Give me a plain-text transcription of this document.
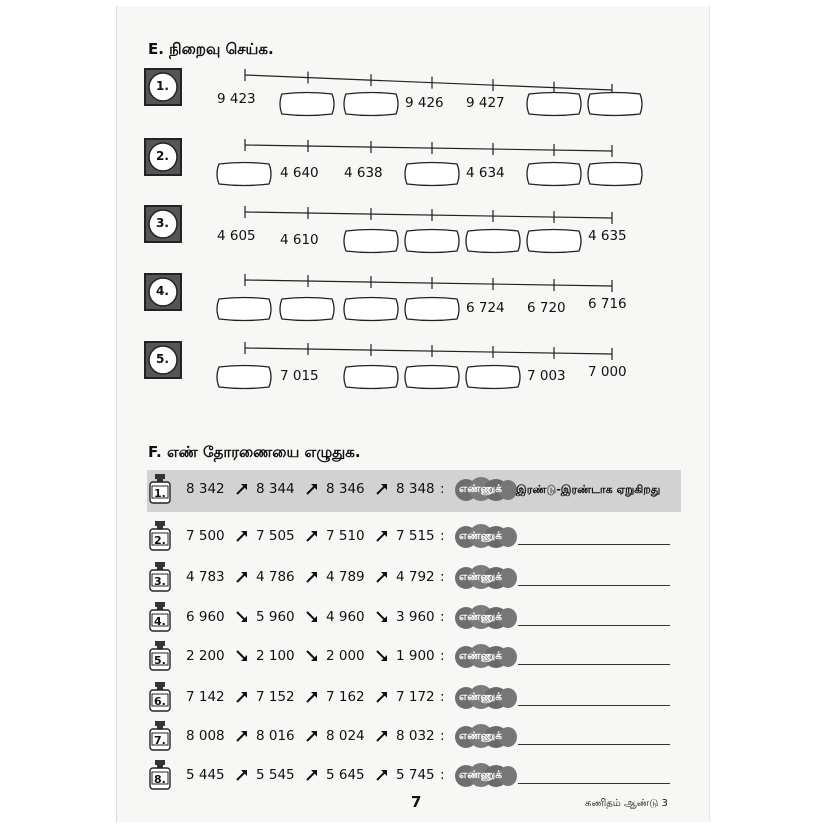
E. நிறைவு செய்க.
1.
9 423	9 426 9 427
2.
4 640 4 638	4 634
3.
4 605 4 610	4 635
4.
6 724 6 720 6 716
5.
7 015	7 003 7 000
F. எண் தோரணையை எழுதுக.
1. 8 342 8 344 8 346 8 348 : எண்ணுக் இரண்டு-இரண்டாக ஏறுகிறது
2. 7 500 7 505 7 510 7 515 : எண்ணுக்
3. 4 783 4 786 4 789 4 792 : எண்ணுக்
4. 6 960 5 960 4 960 3 960 : எண்ணுக்
5. 2 200 2 100 2 000 1 900 : எண்ணுக்
6. 7 142 7 152 7 162 7 172 : எண்ணுக்
7. 8 008 8 016 8 024 8 032 : எண்ணுக்
8. 5 445 5 545 5 645 5 745 : எண்ணுக்
7	கணிதம் ஆண்டு 3
